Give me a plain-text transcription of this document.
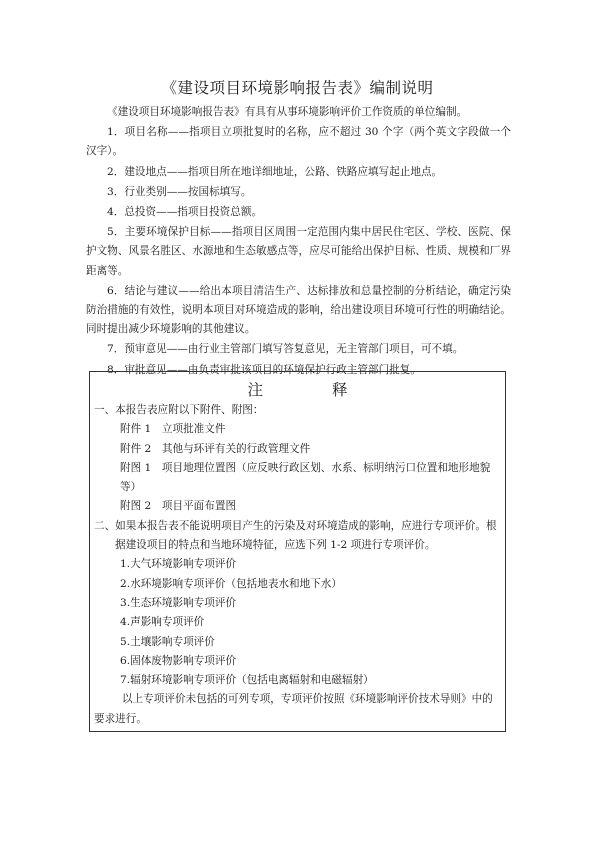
《建设项目环境影响报告表》编制说明

《建设项目环境影响报告表》有具有从事环境影响评价工作资质的单位编制。

1．项目名称——指项目立项批复时的名称，应不超过 30 个字（两个英文字段做一个汉字）。

2．建设地点——指项目所在地详细地址，公路、铁路应填写起止地点。

3．行业类别——按国标填写。

4．总投资——指项目投资总额。

5．主要环境保护目标——指项目区周围一定范围内集中居民住宅区、学校、医院、保护文物、风景名胜区、水源地和生态敏感点等，应尽可能给出保护目标、性质、规模和厂界距离等。

6．结论与建议——给出本项目清洁生产、达标排放和总量控制的分析结论，确定污染防治措施的有效性，说明本项目对环境造成的影响，给出建设项目环境可行性的明确结论。同时提出减少环境影响的其他建议。

7．预审意见——由行业主管部门填写答复意见，无主管部门项目，可不填。

8．审批意见——由负责审批该项目的环境保护行政主管部门批复。

注 释

一、本报告表应附以下附件、附图：

附件 1　立项批准文件

附件 2　其他与环评有关的行政管理文件

附图 1　项目地理位置图（应反映行政区划、水系、标明纳污口位置和地形地貌等）

附图 2　项目平面布置图

二、如果本报告表不能说明项目产生的污染及对环境造成的影响，应进行专项评价。根据建设项目的特点和当地环境特征，应选下列 1-2 项进行专项评价。

1.大气环境影响专项评价

2.水环境影响专项评价（包括地表水和地下水）

3.生态环境影响专项评价

4.声影响专项评价

5.土壤影响专项评价

6.固体废物影响专项评价

7.辐射环境影响专项评价（包括电离辐射和电磁辐射）

以上专项评价未包括的可列专项，专项评价按照《环境影响评价技术导则》中的要求进行。
